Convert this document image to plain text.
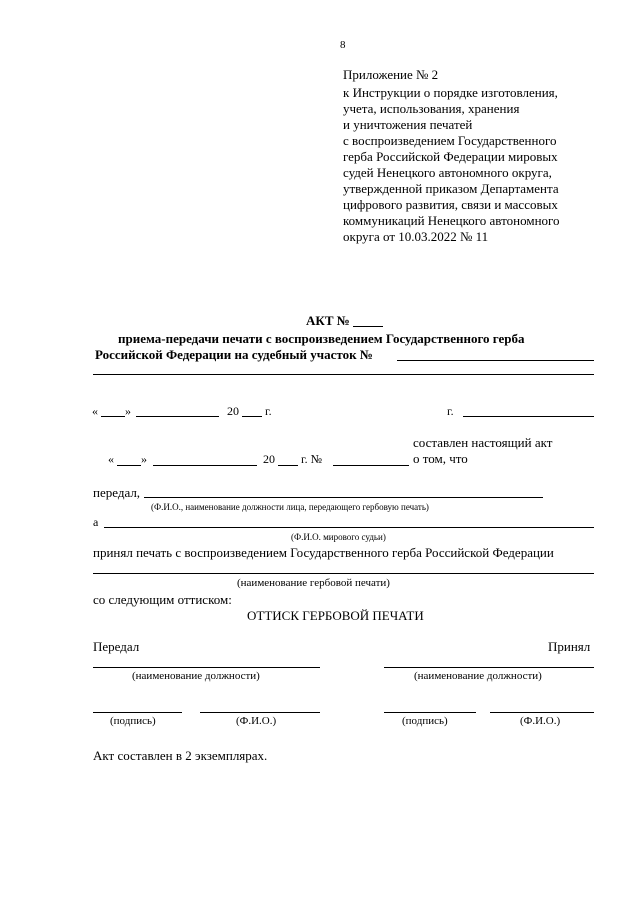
8
Приложение № 2
к Инструкции о порядке изготовления,
учета, использования, хранения
и уничтожения печатей
с воспроизведением Государственного
герба Российской Федерации мировых
судей Ненецкого автономного округа,
утвержденной приказом Департамента
цифрового развития, связи и массовых
коммуникаций Ненецкого автономного
округа от 10.03.2022 № 11
АКТ №
приема-передачи печати с воспроизведением Государственного герба
Российской Федерации на судебный участок №
« »	20 г.	г.
составлен настоящий акт
« »	20 г. №	о том, что
передал,
(Ф.И.О., наименование должности лица, передающего гербовую печать)
а
(Ф.И.О. мирового судьи)
принял печать с воспроизведением Государственного герба Российской Федерации
(наименование гербовой печати)
со следующим оттиском:
ОТТИСК ГЕРБОВОЙ ПЕЧАТИ
Передал	Принял
(наименование должности)	(наименование должности)
(подпись)	(Ф.И.О.)	(подпись)	(Ф.И.О.)
Акт составлен в 2 экземплярах.
